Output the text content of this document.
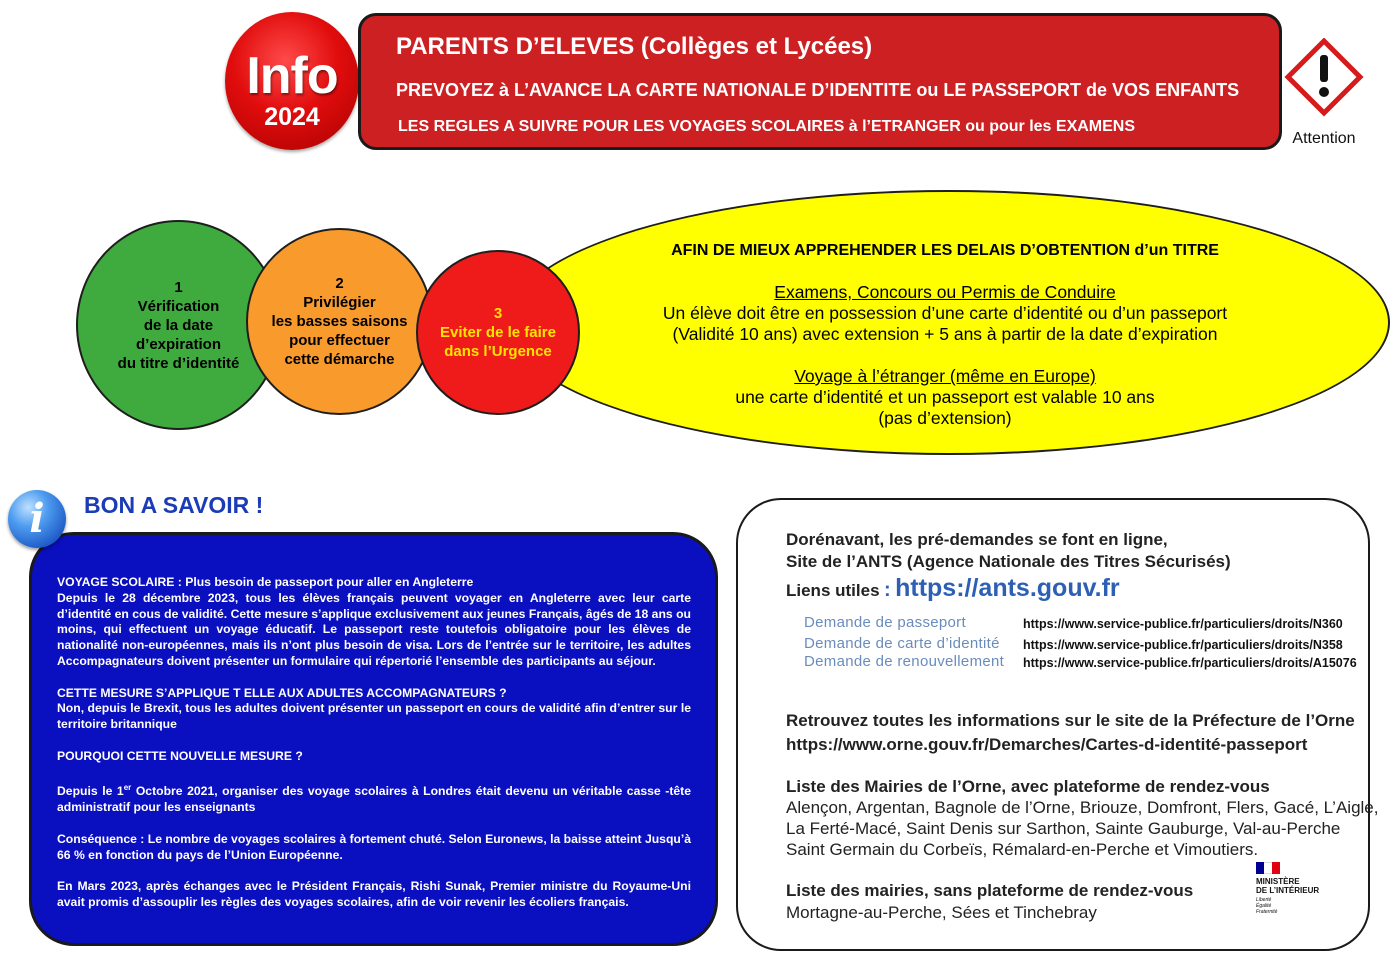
Info
2024
PARENTS D’ELEVES (Collèges et Lycées)
PREVOYEZ à L’AVANCE LA CARTE NATIONALE D’IDENTITE ou LE PASSEPORT de VOS ENFANTS
LES REGLES A SUIVRE POUR LES VOYAGES SCOLAIRES à l’ETRANGER ou pour les EXAMENS
Attention
AFIN DE MIEUX APPREHENDER LES DELAIS D’OBTENTION d’un TITRE
Examens, Concours ou Permis de Conduire
Un élève doit être en possession d’une carte d’identité ou d’un passeport
(Validité 10 ans) avec extension + 5 ans à partir de la date d’expiration
Voyage à l’étranger (même en Europe)
une carte d’identité et un passeport est valable 10 ans
(pas d’extension)
1
Vérification
de la date
d’expiration
du titre d’identité
2
Privilégier
les basses saisons
pour effectuer
cette démarche
3
Eviter de le faire
dans l’Urgence
i	BON A SAVOIR !

VOYAGE SCOLAIRE : Plus besoin de passeport pour aller en Angleterre
Depuis le 28 décembre 2023, tous les élèves français peuvent voyager en Angleterre avec leur carte d’identité en cous de validité. Cette mesure s’applique exclusivement aux jeunes Français, âgés de 18 ans ou moins, qui effectuent un voyage éducatif. Le passeport reste toutefois obligatoire pour les élèves de nationalité non-européennes, mais ils n’ont plus besoin de visa. Lors de l’entrée sur le territoire, les adultes Accompagnateurs doivent présenter un formulaire qui répertorié l’ensemble des participants au séjour.

CETTE MESURE S’APPLIQUE T ELLE AUX ADULTES ACCOMPAGNATEURS ?
Non, depuis le Brexit, tous les adultes doivent présenter un passeport en cours de validité afin d’entrer sur le territoire britannique

POURQUOI CETTE NOUVELLE MESURE ?

Depuis le 1er Octobre 2021, organiser des voyage scolaires à Londres était devenu un véritable casse -tête administratif pour les enseignants

Conséquence : Le nombre de voyages scolaires à fortement chuté. Selon Euronews, la baisse atteint Jusqu’à 66 % en fonction du pays de l’Union Européenne.

En Mars 2023, après échanges avec le Président Français, Rishi Sunak, Premier ministre du Royaume-Uni avait promis d’assouplir les règles des voyages scolaires, afin de voir revenir les écoliers français.

Dorénavant, les pré-demandes se font en ligne,
Site de l’ANTS (Agence Nationale des Titres Sécurisés)
Liens utiles : https://ants.gouv.fr
Demande de passeport	https://www.service-publice.fr/particuliers/droits/N360
Demande de carte d’identité https://www.service-publice.fr/particuliers/droits/N358
Demande de renouvellement https://www.service-publice.fr/particuliers/droits/A15076
Retrouvez toutes les informations sur le site de la Préfecture de l’Orne
https://www.orne.gouv.fr/Demarches/Cartes-d-identité-passeport
Liste des Mairies de l’Orne, avec plateforme de rendez-vous
Alençon, Argentan, Bagnole de l’Orne, Briouze, Domfront, Flers, Gacé, L’Aigle,
La Ferté-Macé, Saint Denis sur Sarthon, Sainte Gauburge, Val-au-Perche
Saint Germain du Corbeïs, Rémalard-en-Perche et Vimoutiers.
Liste des mairies, sans plateforme de rendez-vous
Mortagne-au-Perche, Sées et Tinchebray
MINISTÈRE
DE L’INTÉRIEUR
Liberté
Égalité
Fraternité
